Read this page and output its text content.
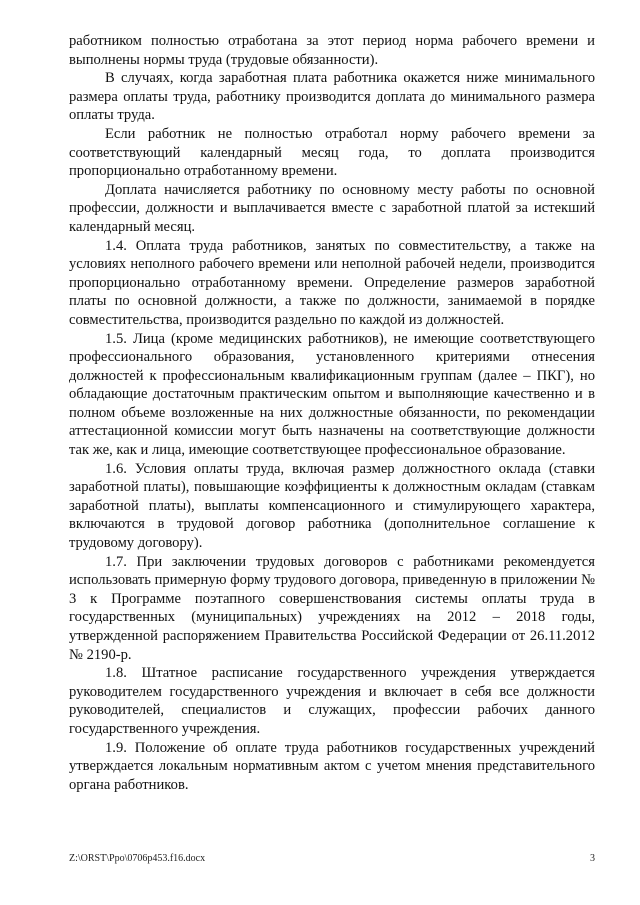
работником полностью отработана за этот период норма рабочего времени и выполнены нормы труда (трудовые обязанности).

В случаях, когда заработная плата работника окажется ниже минимального размера оплаты труда, работнику производится доплата до минимального размера оплаты труда.

Если работник не полностью отработал норму рабочего времени за соответствующий календарный месяц года, то доплата производится пропорционально отработанному времени.

Доплата начисляется работнику по основному месту работы по основной профессии, должности и выплачивается вместе с заработной платой за истекший календарный месяц.

1.4. Оплата труда работников, занятых по совместительству, а также на условиях неполного рабочего времени или неполной рабочей недели, производится пропорционально отработанному времени. Определение размеров заработной платы по основной должности, а также по должности, занимаемой в порядке совместительства, производится раздельно по каждой из должностей.

1.5. Лица (кроме медицинских работников), не имеющие соответствующего профессионального образования, установленного критериями отнесения должностей к профессиональным квалификационным группам (далее – ПКГ), но обладающие достаточным практическим опытом и выполняющие качественно и в полном объеме возложенные на них должностные обязанности, по рекомендации аттестационной комиссии могут быть назначены на соответствующие должности так же, как и лица, имеющие соответствующее профессиональное образование.

1.6. Условия оплаты труда, включая размер должностного оклада (ставки заработной платы), повышающие коэффициенты к должностным окладам (ставкам заработной платы), выплаты компенсационного и стимулирующего характера, включаются в трудовой договор работника (дополнительное соглашение к трудовому договору).

1.7. При заключении трудовых договоров с работниками рекомендуется использовать примерную форму трудового договора, приведенную в приложении № 3 к Программе поэтапного совершенствования системы оплаты труда в государственных (муниципальных) учреждениях на 2012 – 2018 годы, утвержденной распоряжением Правительства Российской Федерации от 26.11.2012 № 2190-р.

1.8. Штатное расписание государственного учреждения утверждается руководителем государственного учреждения и включает в себя все должности руководителей, специалистов и служащих, профессии рабочих данного государственного учреждения.

1.9. Положение об оплате труда работников государственных учреждений утверждается локальным нормативным актом с учетом мнения представительного органа работников.

Z:\ORST\Ppo\0706p453.f16.docx	3
